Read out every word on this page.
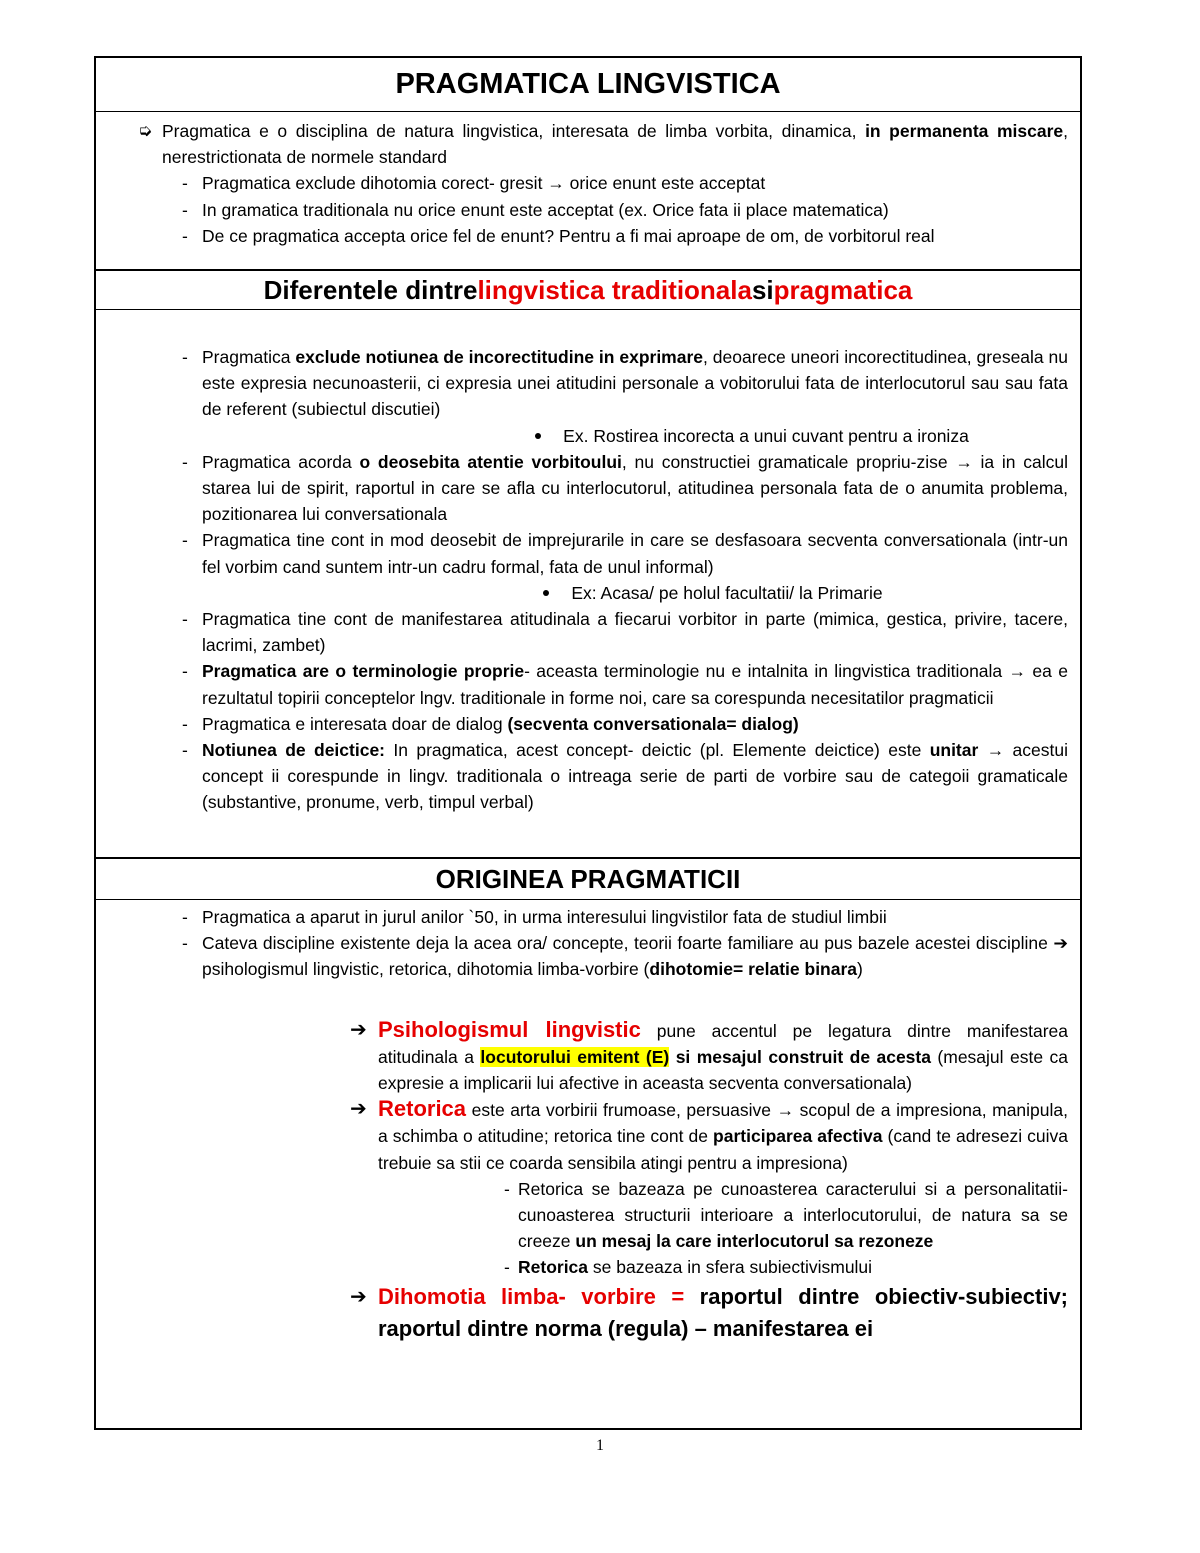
PRAGMATICA LINGVISTICA
➭ Pragmatica e o disciplina de natura lingvistica, interesata de limba vorbita, dinamica, in permanenta miscare, nerestrictionata de normele standard
- Pragmatica exclude dihotomia corect- gresit → orice enunt este acceptat
- In gramatica traditionala nu orice enunt este acceptat (ex. Orice fata ii place matematica)
- De ce pragmatica accepta orice fel de enunt? Pentru a fi mai aproape de om, de vorbitorul real
Diferentele dintre lingvistica traditionala si pragmatica
- Pragmatica exclude notiunea de incorectitudine in exprimare, deoarece uneori incorectitudinea, greseala nu este expresia necunoasterii, ci expresia unei atitudini personale a vobitorului fata de interlocutorul sau sau fata de referent (subiectul discutiei)
Ex. Rostirea incorecta a unui cuvant pentru a ironiza
- Pragmatica acorda o deosebita atentie vorbitoului, nu constructiei gramaticale propriu-zise → ia in calcul starea lui de spirit, raportul in care se afla cu interlocutorul, atitudinea personala fata de o anumita problema, pozitionarea lui conversationala
- Pragmatica tine cont in mod deosebit de imprejurarile in care se desfasoara secventa conversationala (intr-un fel vorbim cand suntem intr-un cadru formal, fata de unul informal)
Ex: Acasa/ pe holul facultatii/ la Primarie
- Pragmatica tine cont de manifestarea atitudinala a fiecarui vorbitor in parte (mimica, gestica, privire, tacere, lacrimi, zambet)
- Pragmatica are o terminologie proprie- aceasta terminologie nu e intalnita in lingvistica traditionala → ea e rezultatul topirii conceptelor lngv. traditionale in forme noi, care sa corespunda necesitatilor pragmaticii
- Pragmatica e interesata doar de dialog (secventa conversationala= dialog)
- Notiunea de deictice: In pragmatica, acest concept- deictic (pl. Elemente deictice) este unitar → acestui concept ii corespunde in lingv. traditionala o intreaga serie de parti de vorbire sau de categoii gramaticale (substantive, pronume, verb, timpul verbal)
ORIGINEA PRAGMATICII
- Pragmatica a aparut in jurul anilor `50, in urma interesului lingvistilor fata de studiul limbii
- Cateva discipline existente deja la acea ora/ concepte, teorii foarte familiare au pus bazele acestei discipline ➔ psihologismul lingvistic, retorica, dihotomia limba-vorbire (dihotomie= relatie binara)
➔ Psihologismul lingvistic pune accentul pe legatura dintre manifestarea atitudinala a locutorului emitent (E) si mesajul construit de acesta (mesajul este ca expresie a implicarii lui afective in aceasta secventa conversationala)
➔ Retorica este arta vorbirii frumoase, persuasive → scopul de a impresiona, manipula, a schimba o atitudine; retorica tine cont de participarea afectiva (cand te adresezi cuiva trebuie sa stii ce coarda sensibila atingi pentru a impresiona)
- Retorica se bazeaza pe cunoasterea caracterului si a personalitatii- cunoasterea structurii interioare a interlocutorului, de natura sa se creeze un mesaj la care interlocutorul sa rezoneze
- Retorica se bazeaza in sfera subiectivismului
➔ Dihomotia limba- vorbire = raportul dintre obiectiv-subiectiv; raportul dintre norma (regula) – manifestarea ei
1
